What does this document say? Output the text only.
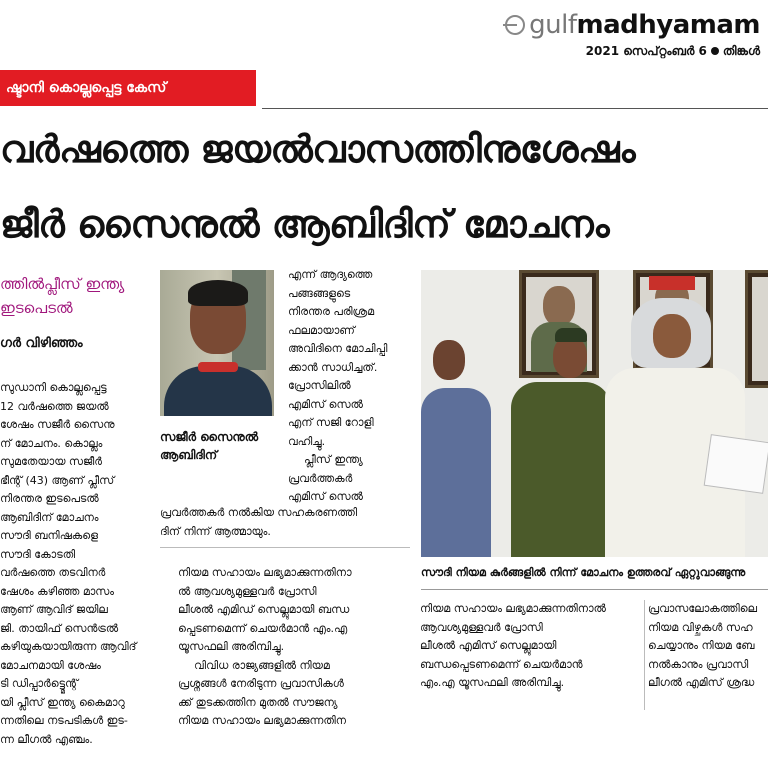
gulfmadhyamam
2021 സെപ്റ്റംബർ 6 തിങ്കൾ
ഷ്ടാനി കൊല്ലപ്പെട്ട കേസ്
വർഷത്തെ ജയൽവാസത്തിനുശേഷം
ജീർ സൈനുൽ ആബിദിന് മോചനം
ത്തിൽപ്ലീസ് ഇന്ത്യ
ഇടപെടൽ
ഗർ വിഴിഞ്ഞം
സുഡാനി കൊല്ലപ്പെട്ട
12 വർഷത്തെ ജയൽ
ശേഷം സജീർ സൈനു
ന് മോചനം. കൊല്ലം
സുമതേയായ സജീർ
ഭീന്റ് (43) ആണ് പ്ലീസ്
നിരന്തര ഇടപെടൽ
ആബിദിന് മോചനം
സൗദി ബനിഷകളെ
സൗദി കോടതി
വർഷത്തെ തടവിനർ
ഷേശം കഴിഞ്ഞ മാസം
ആണ് ആവിദ് ജയില
ജി. തായിഫ് സെൻട്രൽ
കഴിയുകയായിരുന്ന ആവിദ്
മോചനമായി ശേഷം
ടി ഡിപ്പാർട്ട്മെന്റ്
യി പ്ലീസ് ഇന്ത്യ കൈമാറു
ന്നതിലെ നടപടികൾ ഇട-
ന്ന ലീഗൽ എഞ്ചം.
സജീർ സൈനുൽ
ആബിദിന്
എന്ന് ആദ്യത്തെ
പങ്ങങ്ങളുടെ
നിരന്തര പരിശ്രമ
ഫലമായാണ്
അവിദിനെ മോചിപ്പി
ക്കാൻ സാധിച്ചത്.
പ്രോസിലിൽ
എമിസ് സെൽ
എന് സജി റോളി
വഹിച്ചു.
പ്ലീസ് ഇന്ത്യ
പ്രവർത്തകർ
എമിസ് സെൽ
പ്രവർത്തകർ നൽകിയ സഹകരണത്തി
ദിന് നിന്ന് ആത്മായും.
നിയമ സഹായം ലഭ്യമാക്കുന്നതിനാ
ൽ ആവശ്യമുള്ളവർ പ്രോസി
ലീശൽ എമിഡ് സെല്ലുമായി ബന്ധ
പ്പെടണമെന്ന് ചെയർമാൻ എം.എ
യൂസഫലി അരിമ്പിച്ചു.
വിവിധ രാജ്യങ്ങളിൽ നിയമ
പ്രശ്നങ്ങൾ നേരിടുന്ന പ്രവാസികൾ
ക്ക് തുടക്കത്തിന മുതൽ സൗജന്യ
നിയമ സഹായം ലഭ്യമാക്കുന്നതിന
സൗദി നിയമ കുർങ്ങളിൽ നിന്ന് മോചനം ഉത്തരവ് ഏറ്റുവാങ്ങുന്നു
നിയമ സഹായം ലഭ്യമാക്കുന്നതിനാൽ
ആവശ്യമുള്ളവർ പ്രോസി
ലീശൽ എമിസ് സെല്ലുമായി
ബന്ധപ്പെടണമെന്ന് ചെയർമാൻ
എം.എ യൂസഫലി അരിമ്പിച്ചു.
പ്രവാസലോകത്തിലെ
നിയമ വിഴ്ചകൾ സഹ
ചെയ്യാനും നിയമ ബേ
നൽകാനും പ്രവാസി
ലീഗൽ എമിസ് ശ്രദ്ധ
